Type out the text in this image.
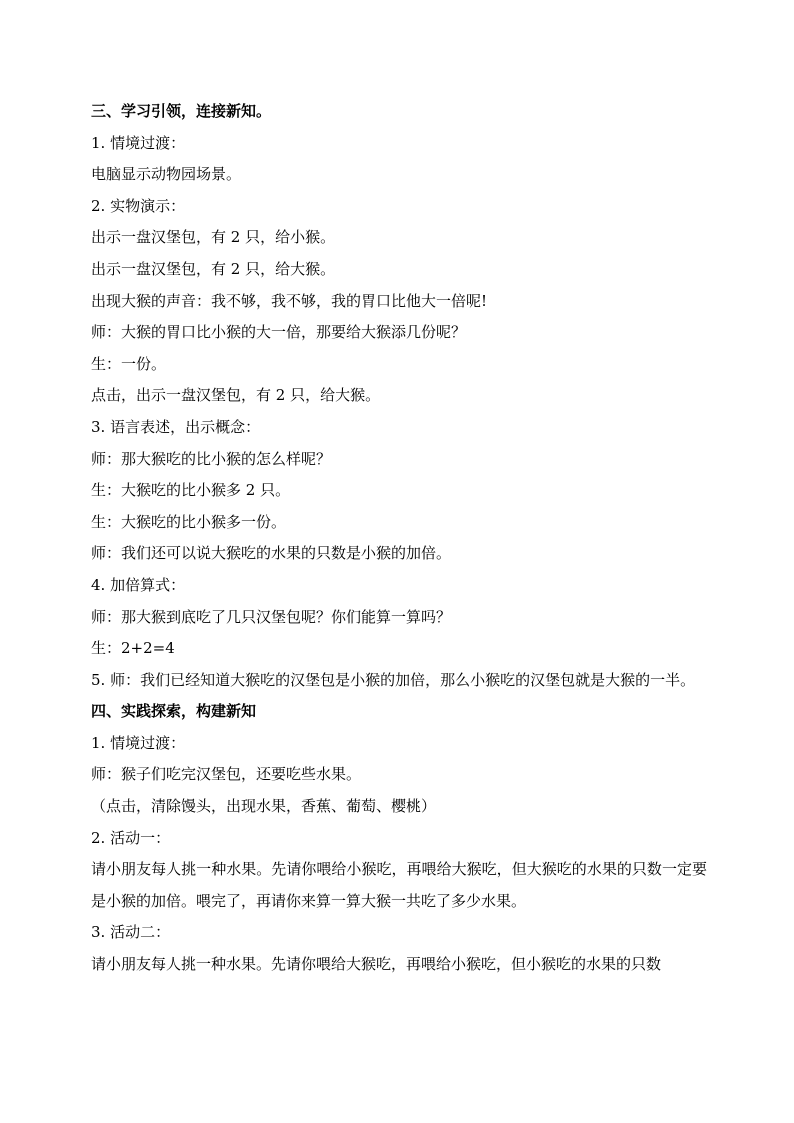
三、学习引领，连接新知。

1. 情境过渡：

电脑显示动物园场景。

2. 实物演示：

出示一盘汉堡包，有 2 只，给小猴。

出示一盘汉堡包，有 2 只，给大猴。

出现大猴的声音：我不够，我不够，我的胃口比他大一倍呢!

师：大猴的胃口比小猴的大一倍，那要给大猴添几份呢？

生：一份。

点击，出示一盘汉堡包，有 2 只，给大猴。

3. 语言表述，出示概念：

师：那大猴吃的比小猴的怎么样呢？

生：大猴吃的比小猴多 2 只。

生：大猴吃的比小猴多一份。

师：我们还可以说大猴吃的水果的只数是小猴的加倍。

4. 加倍算式：

师：那大猴到底吃了几只汉堡包呢？你们能算一算吗？

生：2+2=4

5. 师：我们已经知道大猴吃的汉堡包是小猴的加倍，那么小猴吃的汉堡包就是大猴的一半。

四、实践探索，构建新知

1. 情境过渡：

师：猴子们吃完汉堡包，还要吃些水果。

（点击，清除馒头，出现水果，香蕉、葡萄、樱桃）

2. 活动一：

请小朋友每人挑一种水果。先请你喂给小猴吃，再喂给大猴吃，但大猴吃的水果的只数一定要是小猴的加倍。喂完了，再请你来算一算大猴一共吃了多少水果。

3. 活动二：

请小朋友每人挑一种水果。先请你喂给大猴吃，再喂给小猴吃，但小猴吃的水果的只数
